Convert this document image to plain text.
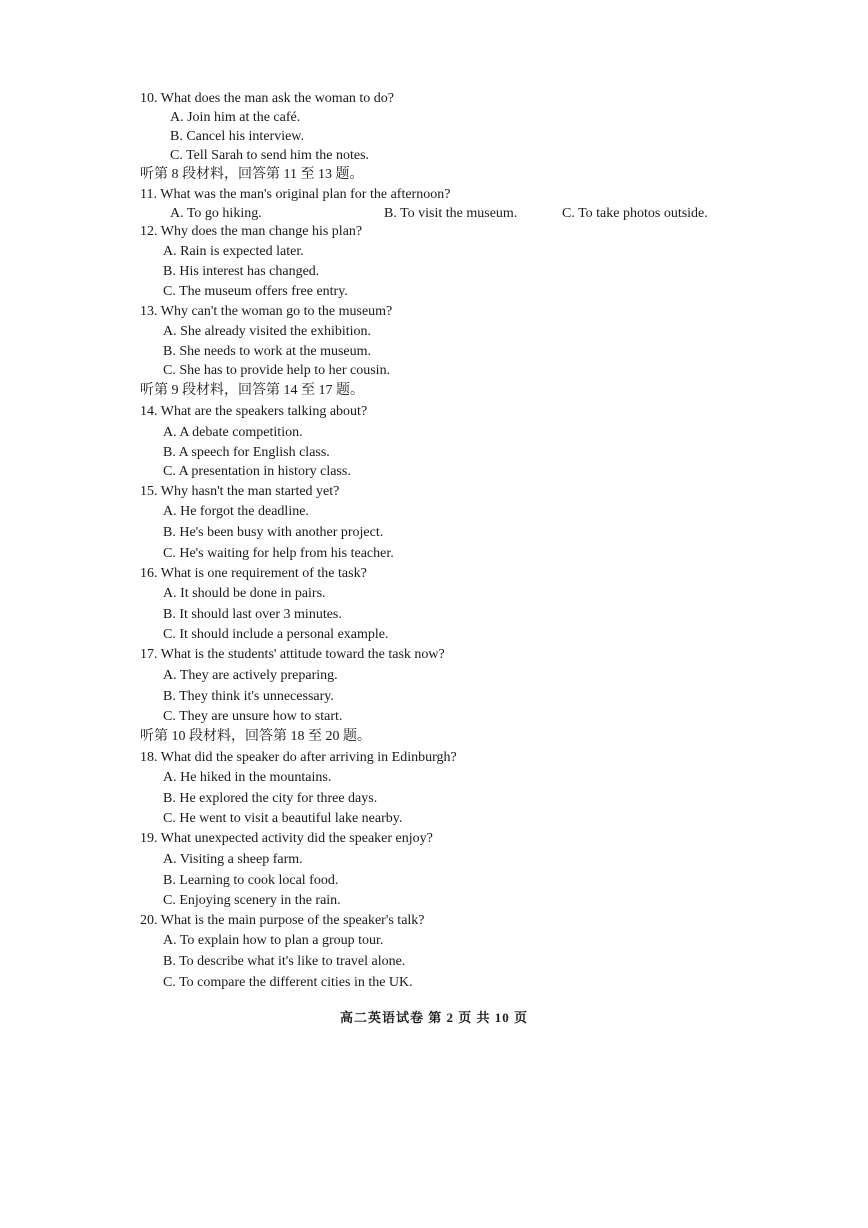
10. What does the man ask the woman to do?
A. Join him at the café.
B. Cancel his interview.
C. Tell Sarah to send him the notes.
听第 8 段材料，回答第 11 至 13 题。
11. What was the man's original plan for the afternoon?
A. To go hiking.	B. To visit the museum.	C. To take photos outside.
12. Why does the man change his plan?
A. Rain is expected later.
B. His interest has changed.
C. The museum offers free entry.
13. Why can't the woman go to the museum?
A. She already visited the exhibition.
B. She needs to work at the museum.
C. She has to provide help to her cousin.
听第 9 段材料，回答第 14 至 17 题。
14. What are the speakers talking about?
A. A debate competition.
B. A speech for English class.
C. A presentation in history class.
15. Why hasn't the man started yet?
A. He forgot the deadline.
B. He's been busy with another project.
C. He's waiting for help from his teacher.
16. What is one requirement of the task?
A. It should be done in pairs.
B. It should last over 3 minutes.
C. It should include a personal example.
17. What is the students' attitude toward the task now?
A. They are actively preparing.
B. They think it's unnecessary.
C. They are unsure how to start.
听第 10 段材料，回答第 18 至 20 题。
18. What did the speaker do after arriving in Edinburgh?
A. He hiked in the mountains.
B. He explored the city for three days.
C. He went to visit a beautiful lake nearby.
19. What unexpected activity did the speaker enjoy?
A. Visiting a sheep farm.
B. Learning to cook local food.
C. Enjoying scenery in the rain.
20. What is the main purpose of the speaker's talk?
A. To explain how to plan a group tour.
B. To describe what it's like to travel alone.
C. To compare the different cities in the UK.
高二英语试卷 第 2 页 共 10 页
